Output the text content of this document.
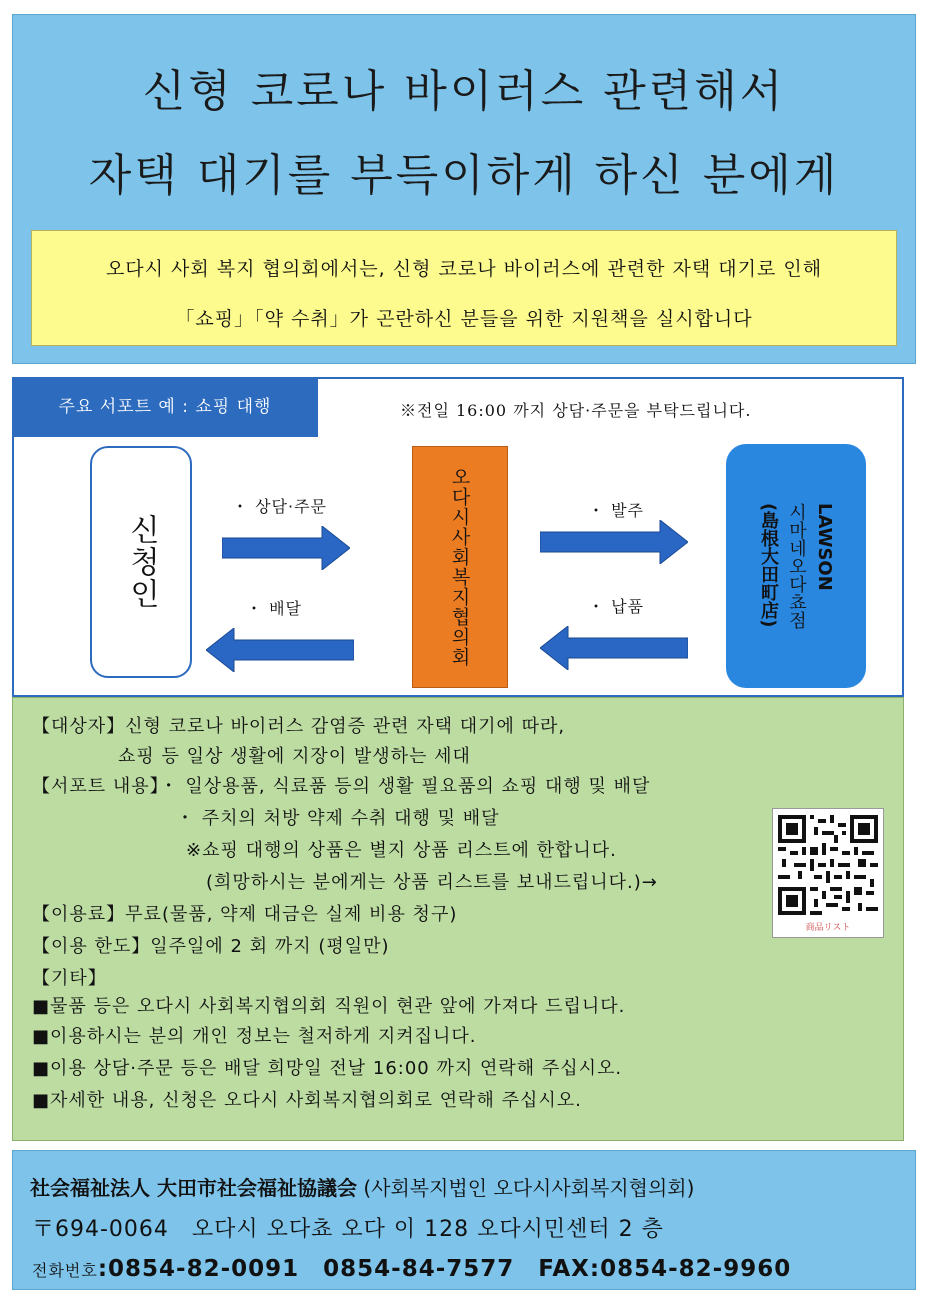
신형 코로나 바이러스 관련해서
자택 대기를 부득이하게 하신 분에게
오다시 사회 복지 협의회에서는, 신형 코로나 바이러스에 관련한 자택 대기로 인해
「쇼핑」「약 수취」가 곤란하신 분들을 위한 지원책을 실시합니다
주요 서포트 예 : 쇼핑 대행	※전일 16:00 까지 상담·주문을 부탁드립니다.
신청인
・ 상담·주문
・ 배달	오다시사회복지협의회	・ 발주
・ 납품
LAWSON
시마네오다쵸점
(島根大田町店)
【대상자】신형 코로나 바이러스 감염증 관련 자택 대기에 따라,
쇼핑 등 일상 생활에 지장이 발생하는 세대
【서포트 내용】・ 일상용품, 식료품 등의 생활 필요품의 쇼핑 대행 및 배달
・ 주치의 처방 약제 수취 대행 및 배달
※쇼핑 대행의 상품은 별지 상품 리스트에 한합니다.
(희망하시는 분에게는 상품 리스트를 보내드립니다.)→
【이용료】무료(물품, 약제 대금은 실제 비용 청구)
【이용 한도】일주일에 2 회 까지 (평일만)
【기타】
■물품 등은 오다시 사회복지협의회 직원이 현관 앞에 가져다 드립니다.
■이용하시는 분의 개인 정보는 철저하게 지켜집니다.
■이용 상담·주문 등은 배달 희망일 전날 16:00 까지 연락해 주십시오.
■자세한 내용, 신청은 오다시 사회복지협의회로 연락해 주십시오.
商品リスト
社会福祉法人 大田市社会福祉協議会 (사회복지법인 오다시사회복지협의회)
〒694-0064　오다시 오다쵸 오다 이 128 오다시민센터 2 층
전화번호:0854-82-0091　0854-84-7577　FAX:0854-82-9960
